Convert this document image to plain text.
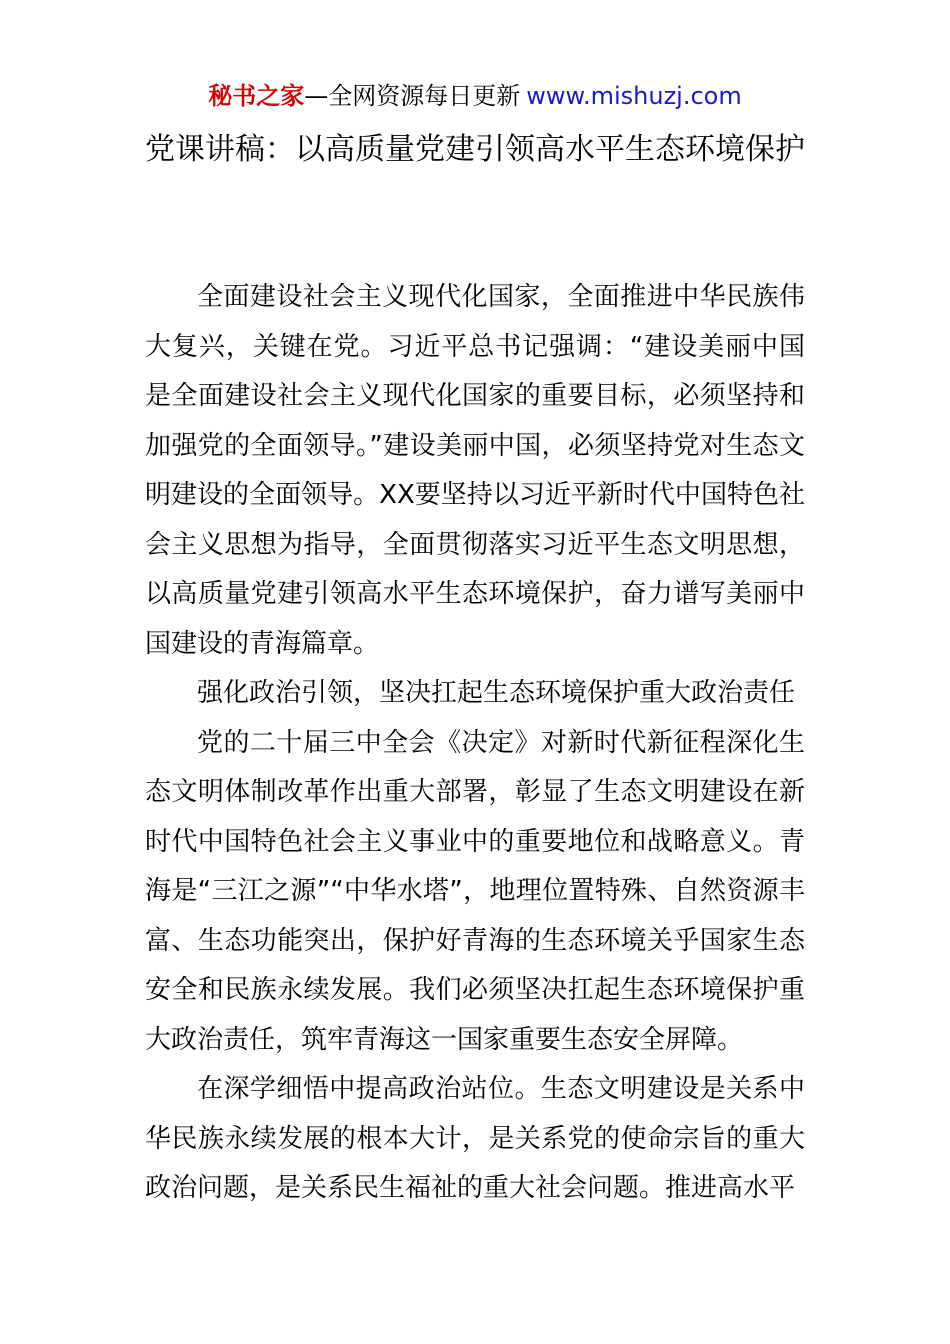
秘书之家—全网资源每日更新 www.mishuzj.com
党课讲稿：以高质量党建引领高水平生态环境保护

全面建设社会主义现代化国家，全面推进中华民族伟大复兴，关键在党。习近平总书记强调：“建设美丽中国是全面建设社会主义现代化国家的重要目标，必须坚持和加强党的全面领导。”建设美丽中国，必须坚持党对生态文明建设的全面领导。XX要坚持以习近平新时代中国特色社会主义思想为指导，全面贯彻落实习近平生态文明思想，以高质量党建引领高水平生态环境保护，奋力谱写美丽中国建设的青海篇章。

强化政治引领，坚决扛起生态环境保护重大政治责任

党的二十届三中全会《决定》对新时代新征程深化生态文明体制改革作出重大部署，彰显了生态文明建设在新时代中国特色社会主义事业中的重要地位和战略意义。青海是“三江之源”“中华水塔”，地理位置特殊、自然资源丰富、生态功能突出，保护好青海的生态环境关乎国家生态安全和民族永续发展。我们必须坚决扛起生态环境保护重大政治责任，筑牢青海这一国家重要生态安全屏障。

在深学细悟中提高政治站位。生态文明建设是关系中华民族永续发展的根本大计，是关系党的使命宗旨的重大政治问题，是关系民生福祉的重大社会问题。推进高水平
